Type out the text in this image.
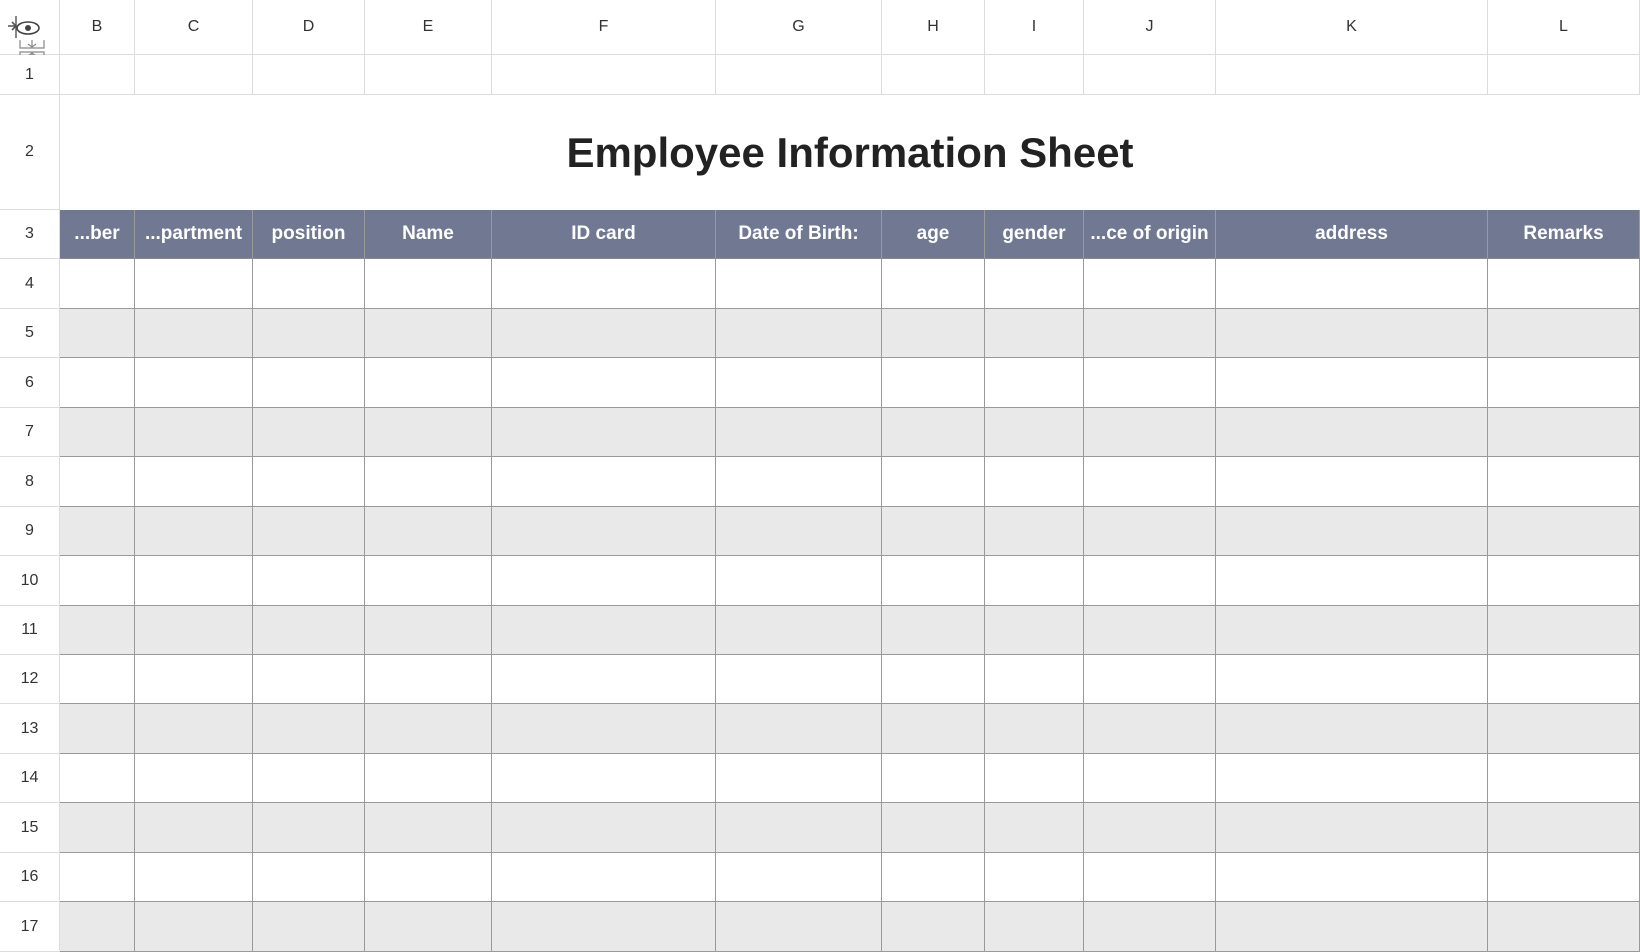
B	C	D	E	F	G	H	I	J	K	L
1
2
3
4
5
6
7
8
9
10
11
12
13
14
15
16
17
...ber	...partment	position	Name	ID card	Date of Birth:	age	gender	...ce of origin	address	Remarks
Employee Information Sheet
